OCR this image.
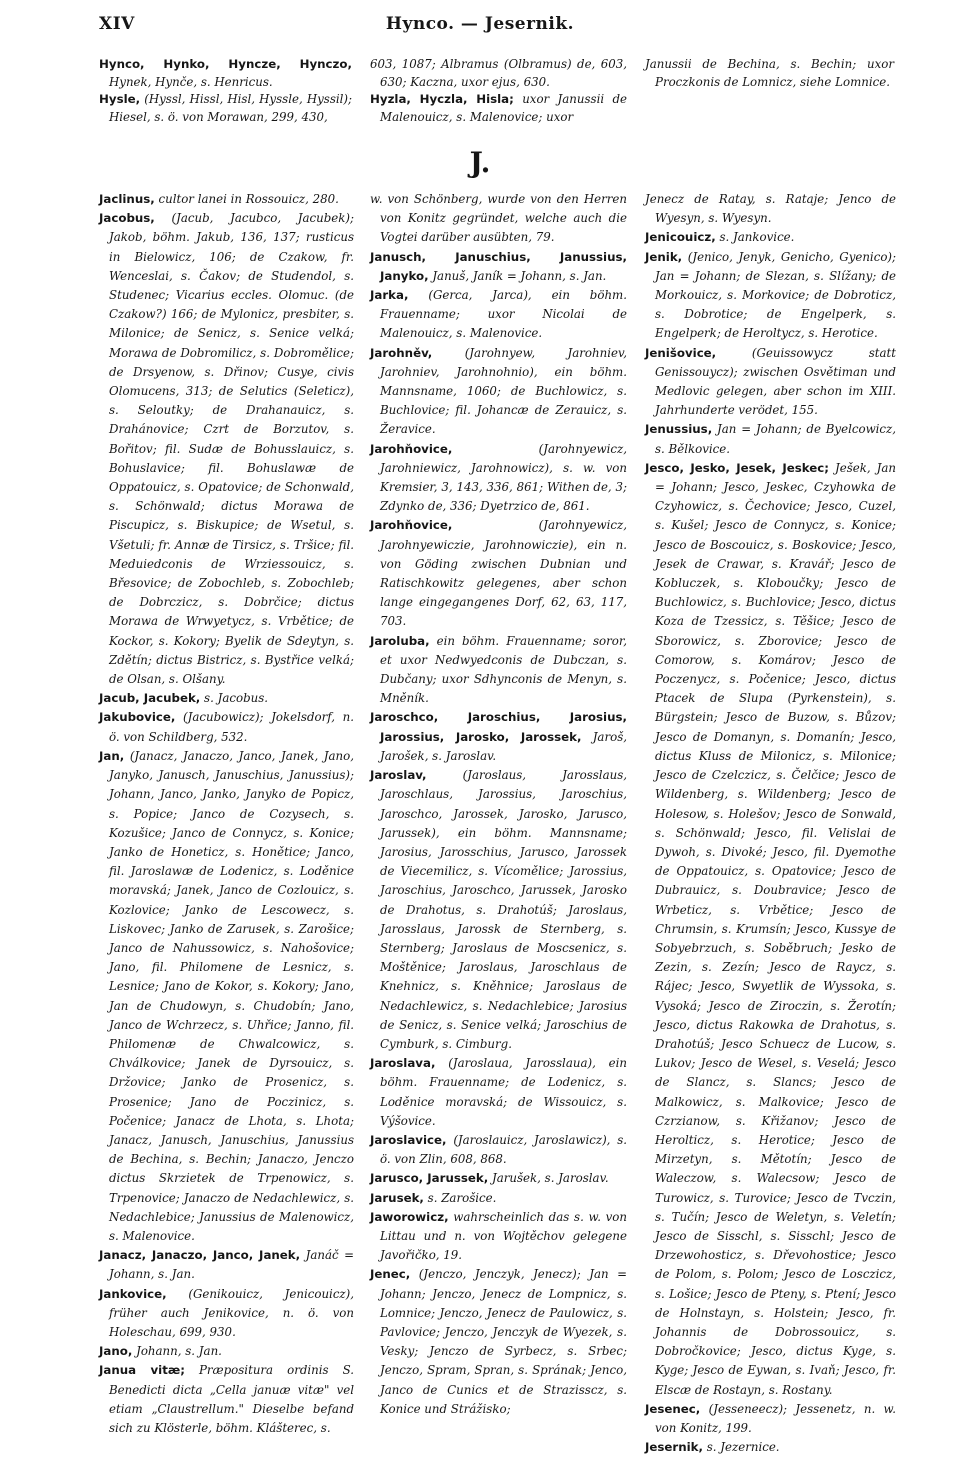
XIV	Hynco. — Jesernik.

Hynco, Hynko, Hyncze, Hynczo, Hynek, Hynče, s. Henricus.

Hysle, (Hyssl, Hissl, Hisl, Hyssle, Hyssil); Hiesel, s. ö. von Morawan, 299, 430,

603, 1087; Albramus (Olbramus) de, 603, 630; Kaczna, uxor ejus, 630.

Hyzla, Hyczla, Hisla; uxor Janussii de Malenouicz, s. Malenovice; uxor

Janussii de Bechina, s. Bechin; uxor Proczkonis de Lomnicz, siehe Lomnice.

J.

Jaclinus, cultor lanei in Rossouicz, 280.

Jacobus, (Jacub, Jacubco, Jacubek); Jakob, böhm. Jakub, 136, 137; rusticus in Bielowicz, 106; de Czakow, fr. Wenceslai, s. Čakov; de Studendol, s. Studenec; Vicarius eccles. Olomuc. (de Czakow?) 166; de Mylonicz, presbiter, s. Milonice; de Senicz, s. Senice velká; Morawa de Dobromilicz, s. Dobromělice; de Drsyenow, s. Dřinov; Cusye, civis Olomucens, 313; de Selutics (Seleticz), s. Seloutky; de Drahanauicz, s. Drahánovice; Czrt de Borzutov, s. Bořitov; fil. Sudæ de Bohusslauicz, s. Bohuslavice; fil. Bohuslawæ de Oppatouicz, s. Opatovice; de Schonwald, s. Schönwald; dictus Morawa de Piscupicz, s. Biskupice; de Wsetul, s. Všetuli; fr. Annæ de Tirsicz, s. Tršice; fil. Meduiedconis de Wrziessouicz, s. Břesovice; de Zobochleb, s. Zobochleb; de Dobrczicz, s. Dobrčice; dictus Morawa de Wrwyetycz, s. Vrbětice; de Kockor, s. Kokory; Byelik de Sdeytyn, s. Zdětín; dictus Bistricz, s. Bystřice velká; de Olsan, s. Olšany.

Jacub, Jacubek, s. Jacobus.

Jakubovice, (Jacubowicz); Jokelsdorf, n. ö. von Schildberg, 532.

Jan, (Janacz, Janaczo, Janco, Janek, Jano, Janyko, Janusch, Januschius, Janussius); Johann, Janco, Janko, Janyko de Popicz, s. Popice; Janco de Cozysech, s. Kozušice; Janco de Connycz, s. Konice; Janko de Honeticz, s. Honětice; Janco, fil. Jaroslawæ de Lodenicz, s. Loděnice moravská; Janek, Janco de Cozlouicz, s. Kozlovice; Janko de Lescowecz, s. Liskovec; Janko de Zarusek, s. Zarošice; Janco de Nahussowicz, s. Nahošovice; Jano, fil. Philomene de Lesnicz, s. Lesnice; Jano de Kokor, s. Kokory; Jano, Jan de Chudowyn, s. Chudobín; Jano, Janco de Wchrzecz, s. Uhřice; Janno, fil. Philomenæ de Chwalcowicz, s. Chválkovice; Janek de Dyrsouicz, s. Držovice; Janko de Prosenicz, s. Prosenice; Jano de Poczinicz, s. Počenice; Janacz de Lhota, s. Lhota; Janacz, Janusch, Januschius, Janussius de Bechina, s. Bechin; Janaczo, Jenczo dictus Skrzietek de Trpenowicz, s. Trpenovice; Janaczo de Nedachlewicz, s. Nedachlebice; Janussius de Malenowicz, s. Malenovice.

Janacz, Janaczo, Janco, Janek, Janáč = Johann, s. Jan.

Jankovice, (Genikouicz, Jenicouicz), früher auch Jenikovice, n. ö. von Holeschau, 699, 930.

Jano, Johann, s. Jan.

Janua vitæ; Præpositura ordinis S. Benedicti dicta „Cella januæ vitæ" vel etiam „Claustrellum." Dieselbe befand sich zu Klösterle, böhm. Klášterec, s.

w. von Schönberg, wurde von den Herren von Konitz gegründet, welche auch die Vogtei darüber ausübten, 79.

Janusch, Januschius, Janussius, Janyko, Januš, Janík = Johann, s. Jan.

Jarka, (Gerca, Jarca), ein böhm. Frauenname; uxor Nicolai de Malenouicz, s. Malenovice.

Jarohněv,	(Jarohnyew, Jarohniev, Jarohniev, Jarohnohnio), ein böhm. Mannsname, 1060; de Buchlowicz, s. Buchlovice; fil. Johancæ de Zerauicz, s. Žeravice.

Jarohňovice,	(Jarohnyewicz, Jarohniewicz, Jarohnowicz), s. w. von Kremsier, 3, 143, 336, 861; Withen de, 3; Zdynko de, 336; Dyetrzico de, 861.

Jarohňovice,	(Jarohnyewicz, Jarohnyewiczie, Jarohnowiczie), ein n. von Göding zwischen Dubnian und Ratischkowitz gelegenes, aber schon lange eingegangenes Dorf, 62, 63, 117, 703.

Jaroluba, ein böhm. Frauenname; soror, et uxor Nedwyedconis de Dubczan, s. Dubčany; uxor Sdhynconis de Menyn, s. Mněník.

Jaroschco, Jaroschius, Jarosius, Jarossius, Jarosko, Jarossek, Jaroš, Jarošek, s. Jaroslav.

Jaroslav,	(Jaroslaus, Jarosslaus, Jaroschlaus, Jarossius, Jaroschius, Jaroschco, Jarossek, Jarosko, Jarusco, Jarussek), ein böhm. Mannsname; Jarosius, Jarosschius, Jarusco, Jarossek de Viecemilicz, s. Vícomělice; Jarossius, Jaroschius, Jaroschco, Jarussek, Jarosko de Drahotus, s. Drahotúš; Jaroslaus, Jarosslaus, Jarossk de Sternberg, s. Sternberg; Jaroslaus de Moscsenicz, s. Moštěnice; Jaroslaus, Jaroschlaus de Knehnicz, s. Kněhnice; Jaroslaus de Nedachlewicz, s. Nedachlebice; Jarosius de Senicz, s. Senice velká; Jaroschius de Cymburk, s. Cimburg.

Jaroslava, (Jaroslaua, Jarosslaua), ein böhm. Frauenname; de Lodenicz, s. Loděnice moravská; de Wissouicz, s. Výšovice.

Jaroslavice, (Jaroslauicz, Jaroslawicz), s. ö. von Zlin, 608, 868.

Jarusco, Jarussek, Jarušek, s. Jaroslav.

Jarusek, s. Zarošice.

Jaworowicz, wahrscheinlich das s. w. von Littau und n. von Wojtěchov gelegene Javořičko, 19.

Jenec, (Jenczo, Jenczyk, Jenecz); Jan = Johann; Jenczo, Jenecz de Lompnicz, s. Lomnice; Jenczo, Jenecz de Paulowicz, s. Pavlovice; Jenczo, Jenczyk de Wyezek, s. Vesky; Jenczo de Syrbecz, s. Srbec; Jenczo, Spram, Spran, s. Sprának; Jenco, Janco de Cunics et de Strazisscz, s. Konice und Strážisko;

Jenecz de Ratay, s. Rataje; Jenco de Wyesyn, s. Wyesyn.

Jenicouicz, s. Jankovice.

Jenik, (Jenico, Jenyk, Genicho, Gyenico); Jan = Johann; de Slezan, s. Slížany; de Morkouicz, s. Morkovice; de Dobroticz, s. Dobrotice; de Engelperk, s. Engelperk; de Heroltycz, s. Herotice.

Jenišovice,	(Geuissowycz statt Genissouycz); zwischen Osvětiman und Medlovic gelegen, aber schon im XIII. Jahrhunderte verödet, 155.

Jenussius, Jan = Johann; de Byelcowicz, s. Bělkovice.

Jesco, Jesko, Jesek, Jeskec; Ješek, Jan = Johann; Jesco, Jeskec, Czyhowka de Czyhowicz, s. Čechovice; Jesco, Cuzel, s. Kušel; Jesco de Connycz, s. Konice; Jesco de Boscouicz, s. Boskovice; Jesco, Jesek de Crawar, s. Kravář; Jesco de Kobluczek, s. Kloboučky; Jesco de Buchlowicz, s. Buchlovice; Jesco, dictus Koza de Tzessicz, s. Těšice; Jesco de Sborowicz, s. Zborovice; Jesco de Comorow, s. Komárov; Jesco de Poczenycz, s. Počenice; Jesco, dictus Ptacek de Slupa (Pyrkenstein), s. Bürgstein; Jesco de Buzow, s. Bůzov; Jesco de Domanyn, s. Domanín; Jesco, dictus Kluss de Milonicz, s. Milonice; Jesco de Czelczicz, s. Čelčice; Jesco de Wildenberg, s. Wildenberg; Jesco de Holesow, s. Holešov; Jesco de Sonwald, s. Schönwald; Jesco, fil. Velislai de Dywoh, s. Divoké; Jesco, fil. Dyemothe de Oppatouicz, s. Opatovice; Jesco de Dubrauicz, s. Doubravice; Jesco de Wrbeticz, s. Vrbětice; Jesco de Chrumsin, s. Krumsín; Jesco, Kussye de Sobyebrzuch, s. Soběbruch; Jesko de Zezin, s. Zezín; Jesco de Raycz, s. Rájec; Jesco, Swyetlik de Wyssoka, s. Vysoká; Jesco de Ziroczin, s. Žerotín; Jesco, dictus Rakowka de Drahotus, s. Drahotúš; Jesco Schuecz de Lucow, s. Lukov; Jesco de Wesel, s. Veselá; Jesco de Slancz, s. Slancs; Jesco de Malkowicz, s. Malkovice; Jesco de Czrzianow, s. Křižanov; Jesco de Herolticz, s. Herotice; Jesco de Mirzetyn, s. Mětotín; Jesco de Waleczow, s. Walecsow; Jesco de Turowicz, s. Turovice; Jesco de Tvczin, s. Tučín; Jesco de Weletyn, s. Veletín; Jesco de Sisschl, s. Sisschl; Jesco de Drzewohosticz, s. Dřevohostice; Jesco de Polom, s. Polom; Jesco de Losczicz, s. Lošice; Jesco de Pteny, s. Ptení; Jesco de Holnstayn, s. Holstein; Jesco, fr. Johannis de Dobrossouicz, s. Dobročkovice; Jesco, dictus Kyge, s. Kyge; Jesco de Eywan, s. Ivaň; Jesco, fr. Elscæ de Rostayn, s. Rostany.

Jesenec, (Jesseneecz); Jessenetz, n. w. von Konitz, 199.

Jesernik, s. Jezernice.
